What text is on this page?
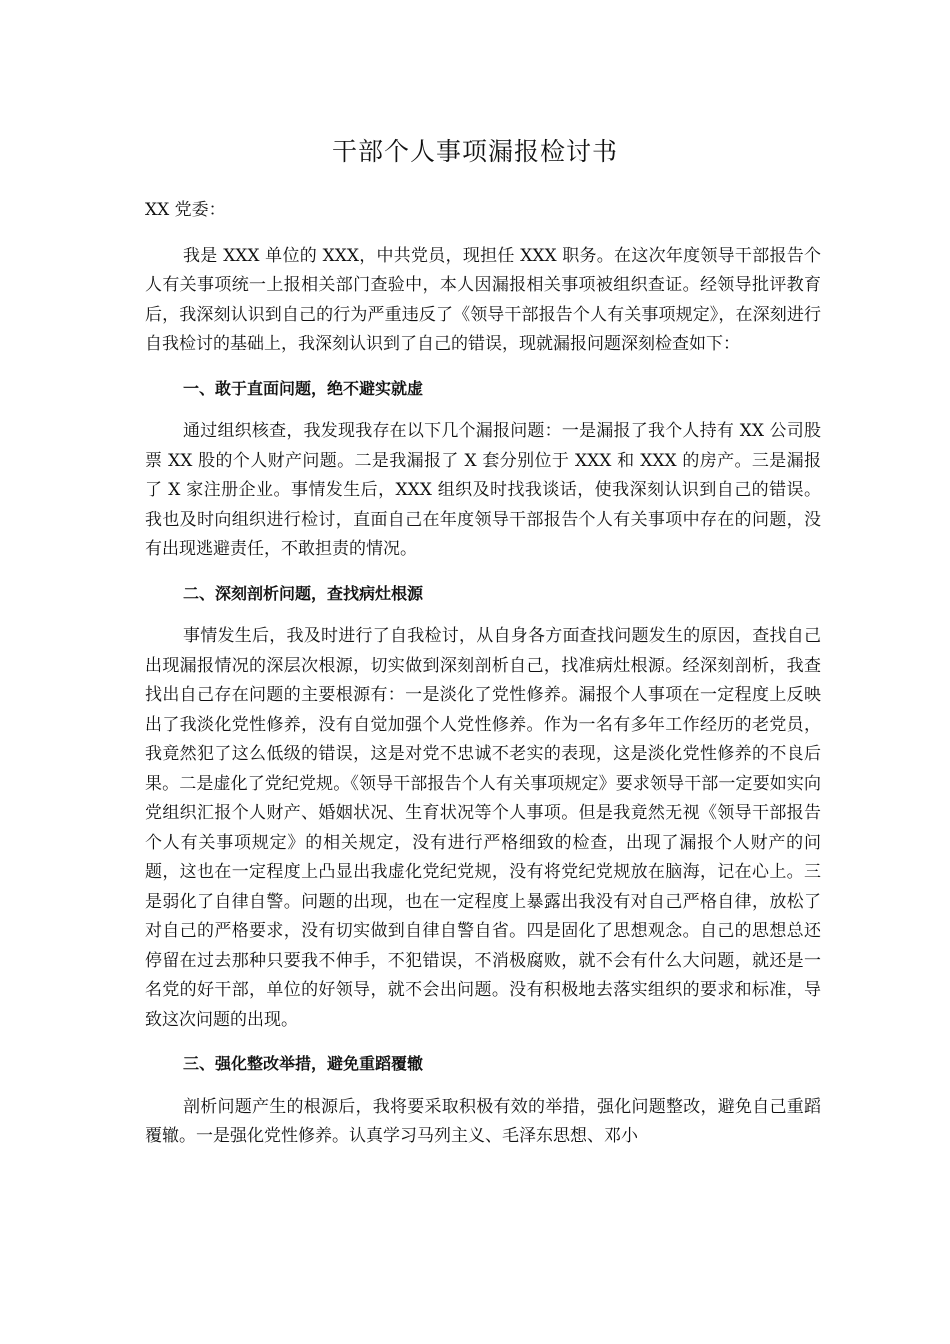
干部个人事项漏报检讨书
XX 党委：
我是 XXX 单位的 XXX，中共党员，现担任 XXX 职务。在这次年度领导干部报告个人有关事项统一上报相关部门查验中，本人因漏报相关事项被组织查证。经领导批评教育后，我深刻认识到自己的行为严重违反了《领导干部报告个人有关事项规定》，在深刻进行自我检讨的基础上，我深刻认识到了自己的错误，现就漏报问题深刻检查如下：
一、敢于直面问题，绝不避实就虚
通过组织核查，我发现我存在以下几个漏报问题：一是漏报了我个人持有 XX 公司股票 XX 股的个人财产问题。二是我漏报了 X 套分别位于 XXX 和 XXX 的房产。三是漏报了 X 家注册企业。事情发生后，XXX 组织及时找我谈话，使我深刻认识到自己的错误。我也及时向组织进行检讨，直面自己在年度领导干部报告个人有关事项中存在的问题，没有出现逃避责任，不敢担责的情况。
二、深刻剖析问题，查找病灶根源
事情发生后，我及时进行了自我检讨，从自身各方面查找问题发生的原因，查找自己出现漏报情况的深层次根源，切实做到深刻剖析自己，找准病灶根源。经深刻剖析，我查找出自己存在问题的主要根源有：一是淡化了党性修养。漏报个人事项在一定程度上反映出了我淡化党性修养，没有自觉加强个人党性修养。作为一名有多年工作经历的老党员，我竟然犯了这么低级的错误，这是对党不忠诚不老实的表现，这是淡化党性修养的不良后果。二是虚化了党纪党规。《领导干部报告个人有关事项规定》要求领导干部一定要如实向党组织汇报个人财产、婚姻状况、生育状况等个人事项。但是我竟然无视《领导干部报告个人有关事项规定》的相关规定，没有进行严格细致的检查，出现了漏报个人财产的问题，这也在一定程度上凸显出我虚化党纪党规，没有将党纪党规放在脑海，记在心上。三是弱化了自律自警。问题的出现，也在一定程度上暴露出我没有对自己严格自律，放松了对自己的严格要求，没有切实做到自律自警自省。四是固化了思想观念。自己的思想总还停留在过去那种只要我不伸手，不犯错误，不消极腐败，就不会有什么大问题，就还是一名党的好干部，单位的好领导，就不会出问题。没有积极地去落实组织的要求和标准，导致这次问题的出现。
三、强化整改举措，避免重蹈覆辙
剖析问题产生的根源后，我将要采取积极有效的举措，强化问题整改，避免自己重蹈覆辙。一是强化党性修养。认真学习马列主义、毛泽东思想、邓小
